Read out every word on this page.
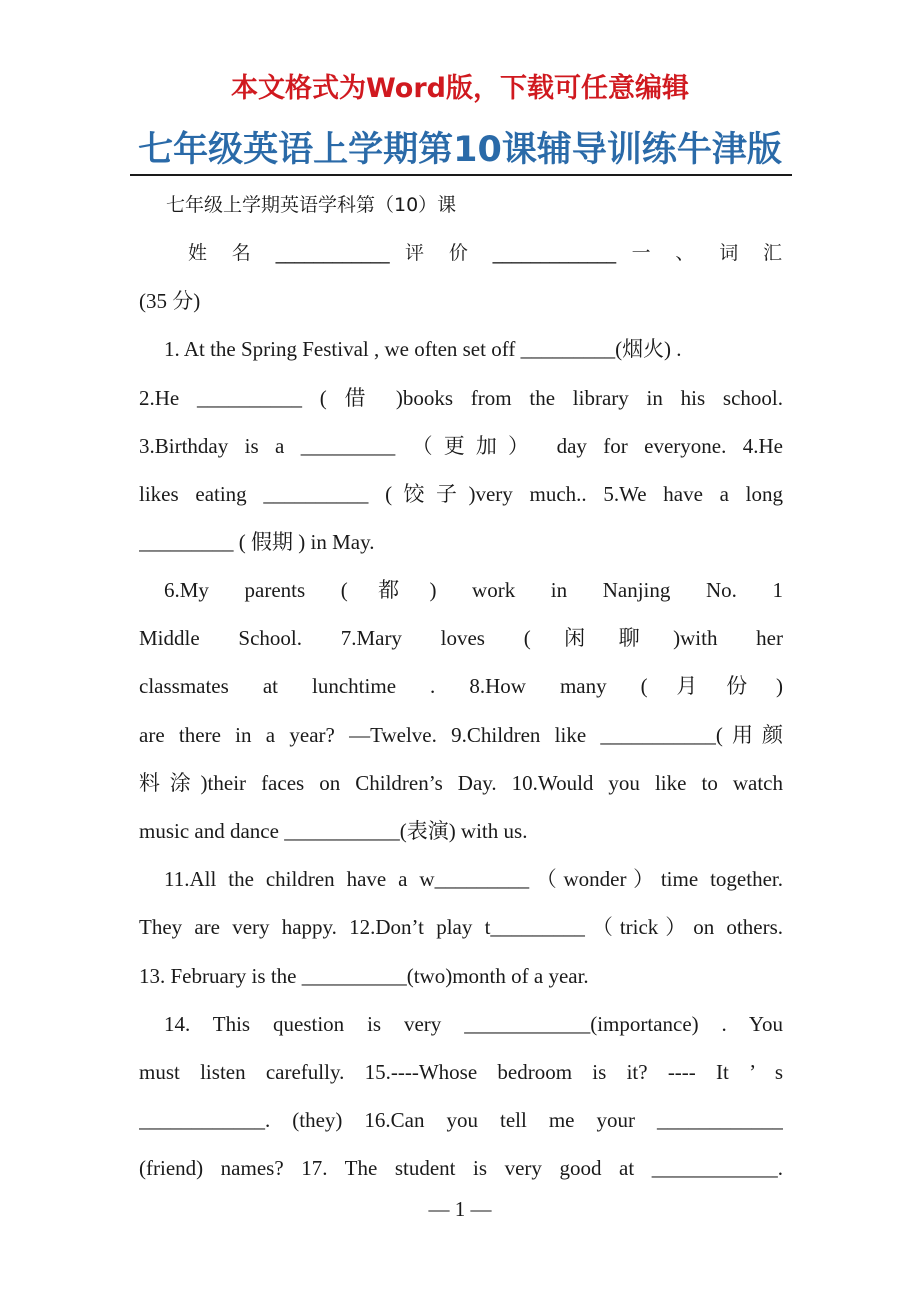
本文格式为Word版，下载可任意编辑
七年级英语上学期第10课辅导训练牛津版
七年级上学期英语学科第（10）课
姓 名 ____________ 评 价 _____________ 一 、 词 汇
(35 分)
1. At the Spring Festival , we often set off _________(烟火) .
2.He __________ ( 借 )books from the library in his school.
3.Birthday is a _________ （更加） day for everyone. 4.He
likes eating __________ (饺子)very much.. 5.We have a long
_________ ( 假期 ) in May.
6.My parents (都) work in Nanjing No. 1
Middle School. 7.Mary loves (闲聊)with her
classmates at lunchtime . 8.How many (月份)
are there in a year? —Twelve. 9.Children like ___________(用颜
料涂)their faces on Children’s Day. 10.Would you like to watch
music and dance ___________(表演) with us.
11.All the children have a w_________（wonder）time together.
They are very happy. 12.Don’t play t_________（trick）on others.
13. February is the __________(two)month of a year.
14. This question is very ____________(importance) . You
must listen carefully. 15.----Whose bedroom is it? ---- It ’ s
____________. (they) 16.Can you tell me your ____________
(friend) names? 17. The student is very good at ____________.
— 1 —
